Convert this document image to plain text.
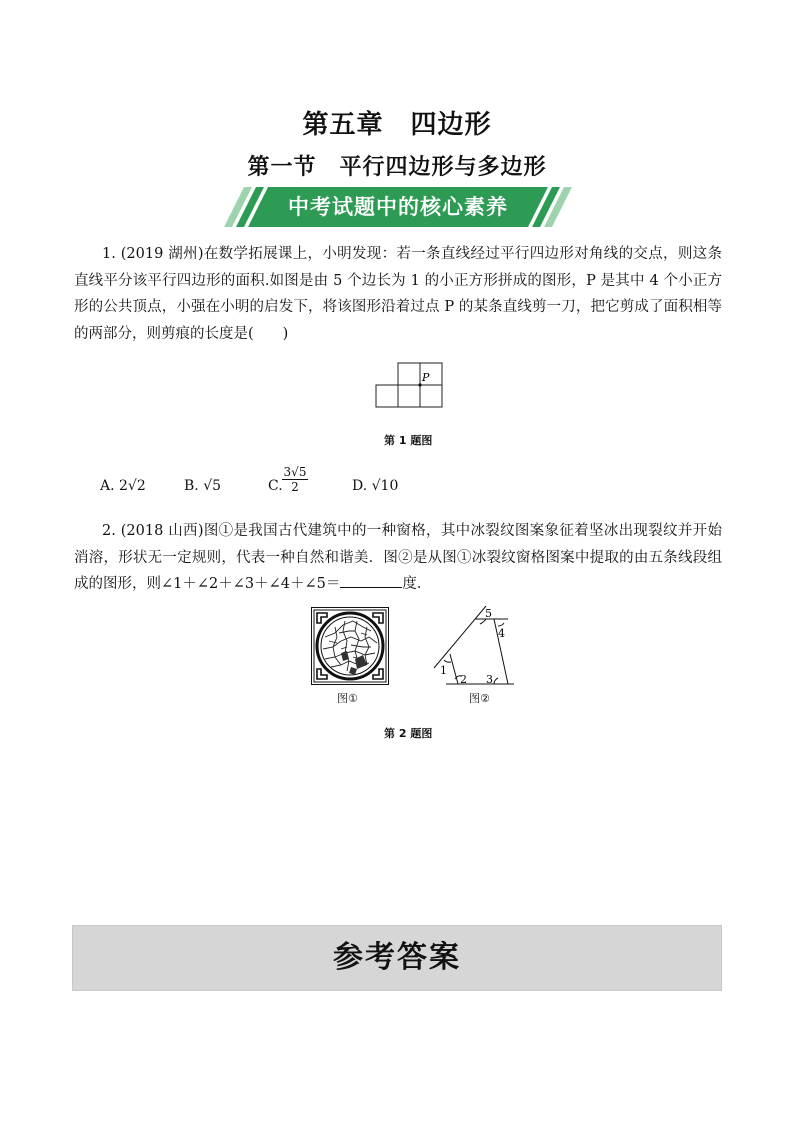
第五章　四边形
第一节　平行四边形与多边形
中考试题中的核心素养
1. (2019 湖州)在数学拓展课上，小明发现：若一条直线经过平行四边形对角线的交点，则这条直线平分该平行四边形的面积.如图是由 5 个边长为 1 的小正方形拼成的图形，P 是其中 4 个小正方形的公共顶点，小强在小明的启发下，将该图形沿着过点 P 的某条直线剪一刀，把它剪成了面积相等的两部分，则剪痕的长度是(　　)
P
第 1 题图
A. 2√2	B. √5	C. $\frac{3√5}{2}$	D. √10
2. (2018 山西)图①是我国古代建筑中的一种窗格，其中冰裂纹图案象征着坚冰出现裂纹并开始消溶，形状无一定规则，代表一种自然和谐美．图②是从图①冰裂纹窗格图案中提取的由五条线段组成的图形，则∠1＋∠2＋∠3＋∠4＋∠5＝	度．
1
2 3
4
5
图①	图②
第 2 题图
参考答案
